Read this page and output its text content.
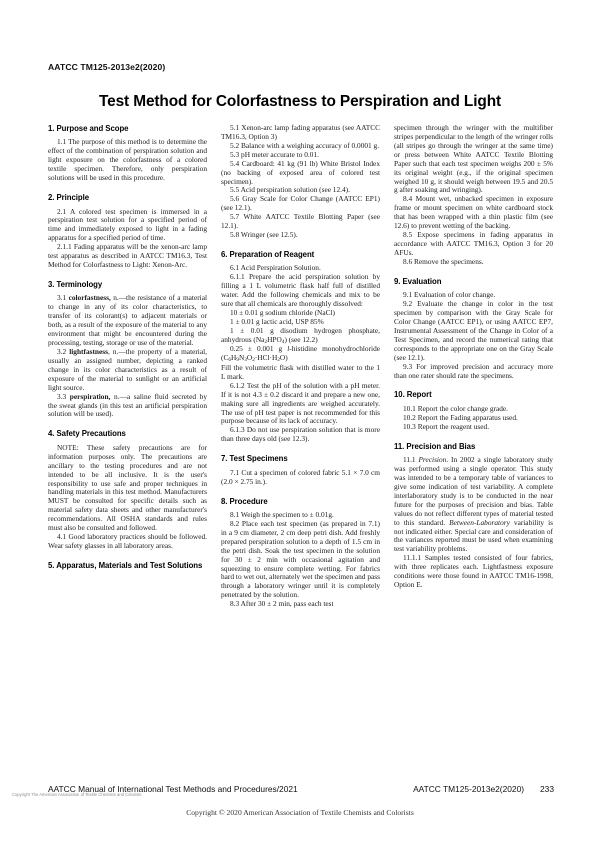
AATCC TM125-2013e2(2020)
Test Method for Colorfastness to Perspiration and Light
1. Purpose and Scope

1.1 The purpose of this method is to determine the effect of the combination of perspiration solution and light exposure on the colorfastness of a colored textile specimen. Therefore, only perspiration solutions will be used in this procedure.

2. Principle

2.1 A colored test specimen is immersed in a perspiration test solution for a specified period of time and immediately exposed to light in a fading apparatus for a specified period of time.

2.1.1 Fading apparatus will be the xenon-arc lamp test apparatus as described in AATCC TM16.3, Test Method for Colorfastness to Light: Xenon-Arc.

3. Terminology

3.1 colorfastness, n.—the resistance of a material to change in any of its color characteristics, to transfer of its colorant(s) to adjacent materials or both, as a result of the exposure of the material to any environment that might be encountered during the processing, testing, storage or use of the material.

3.2 lightfastness, n.—the property of a material, usually an assigned number, depicting a ranked change in its color characteristics as a result of exposure of the material to sunlight or an artificial light source.

3.3 perspiration, n.—a saline fluid secreted by the sweat glands (in this test an artificial perspiration solution will be used).

4. Safety Precautions

NOTE: These safety precautions are for information purposes only. The precautions are ancillary to the testing procedures and are not intended to be all inclusive. It is the user's responsibility to use safe and proper techniques in handling materials in this test method. Manufacturers MUST be consulted for specific details such as material safety data sheets and other manufacturer's recommendations. All OSHA standards and rules must also be consulted and followed.

4.1 Good laboratory practices should be followed. Wear safety glasses in all laboratory areas.

5. Apparatus, Materials and Test Solutions

5.1 Xenon-arc lamp fading apparatus (see AATCC TM16.3, Option 3)

5.2 Balance with a weighing accuracy of 0.0001 g.

5.3 pH meter accurate to 0.01.

5.4 Cardboard: 41 kg (91 lb) White Bristol Index (no backing of exposed area of colored test specimen).

5.5 Acid perspiration solution (see 12.4).

5.6 Gray Scale for Color Change (AATCC EP1) (see 12.1).

5.7 White AATCC Textile Blotting Paper (see 12.1).

5.8 Wringer (see 12.5).

6. Preparation of Reagent

6.1 Acid Perspiration Solution.

6.1.1 Prepare the acid perspiration solution by filling a 1 L volumetric flask half full of distilled water. Add the following chemicals and mix to be sure that all chemicals are thoroughly dissolved:

10 ± 0.01 g sodium chloride (NaCl)

1 ± 0.01 g lactic acid, USP 85%

1 ± 0.01 g disodium hydrogen phosphate, anhydrous $(Na_2HPO_4)$ (see 12.2)

0.25 ± 0.001 g l-histidine monohydrochloride $(C_6H_9N_3O_2\cdot HCl\cdot H_2O)$

Fill the volumetric flask with distilled water to the 1 L mark.

6.1.2 Test the pH of the solution with a pH meter. If it is not 4.3 ± 0.2 discard it and prepare a new one, making sure all ingredients are weighed accurately. The use of pH test paper is not recommended for this purpose because of its lack of accuracy.

6.1.3 Do not use perspiration solution that is more than three days old (see 12.3).

7. Test Specimens

7.1 Cut a specimen of colored fabric 5.1 × 7.0 cm (2.0 × 2.75 in.).

8. Procedure

8.1 Weigh the specimen to ± 0.01g.

8.2 Place each test specimen (as prepared in 7.1) in a 9 cm diameter, 2 cm deep petri dish. Add freshly prepared perspiration solution to a depth of 1.5 cm in the petri dish. Soak the test specimen in the solution for 30 ± 2 min with occasional agitation and squeezing to ensure complete wetting. For fabrics hard to wet out, alternately wet the specimen and pass through a laboratory wringer until it is completely penetrated by the solution.

8.3 After 30 ± 2 min, pass each test

specimen through the wringer with the multifiber stripes perpendicular to the length of the wringer rolls (all stripes go through the wringer at the same time) or press between White AATCC Textile Blotting Paper such that each test specimen weighs 200 ± 5% its original weight (e.g., if the original specimen weighed 10 g, it should weigh between 19.5 and 20.5 g after soaking and wringing).

8.4 Mount wet, unbacked specimen in exposure frame or mount specimen on white cardboard stock that has been wrapped with a thin plastic film (see 12.6) to prevent wetting of the backing.

8.5 Expose specimens in fading apparatus in accordance with AATCC TM16.3, Option 3 for 20 AFUs.

8.6 Remove the specimens.

9. Evaluation

9.1 Evaluation of color change.

9.2 Evaluate the change in color in the test specimen by comparison with the Gray Scale for Color Change (AATCC EP1), or using AATCC EP7, Instrumental Assessment of the Change in Color of a Test Specimen, and record the numerical rating that corresponds to the appropriate one on the Gray Scale (see 12.1).

9.3 For improved precision and accuracy more than one rater should rate the specimens.

10. Report

10.1 Report the color change grade.

10.2 Report the Fading apparatus used.

10.3 Report the reagent used.

11. Precision and Bias

11.1 Precision. In 2002 a single laboratory study was performed using a single operator. This study was intended to be a temporary table of variances to give some indication of test variability. A complete interlaboratory study is to be conducted in the near future for the purposes of precision and bias. Table values do not reflect different types of material tested to this standard. Between-Laboratory variability is not indicated either. Special care and consideration of the variances reported must be used when examining test variability problems.

11.1.1 Samples tested consisted of four fabrics, with three replicates each. Lightfastness exposure conditions were those found in AATCC TM16-1998, Option E.

AATCC Manual of International Test Methods and Procedures/2021	AATCC TM125-2013e2(2020) 233
Copyright © 2020 American Association of Textile Chemists and Colorists
Copyright The American Association of Textile Chemists and Colorists
